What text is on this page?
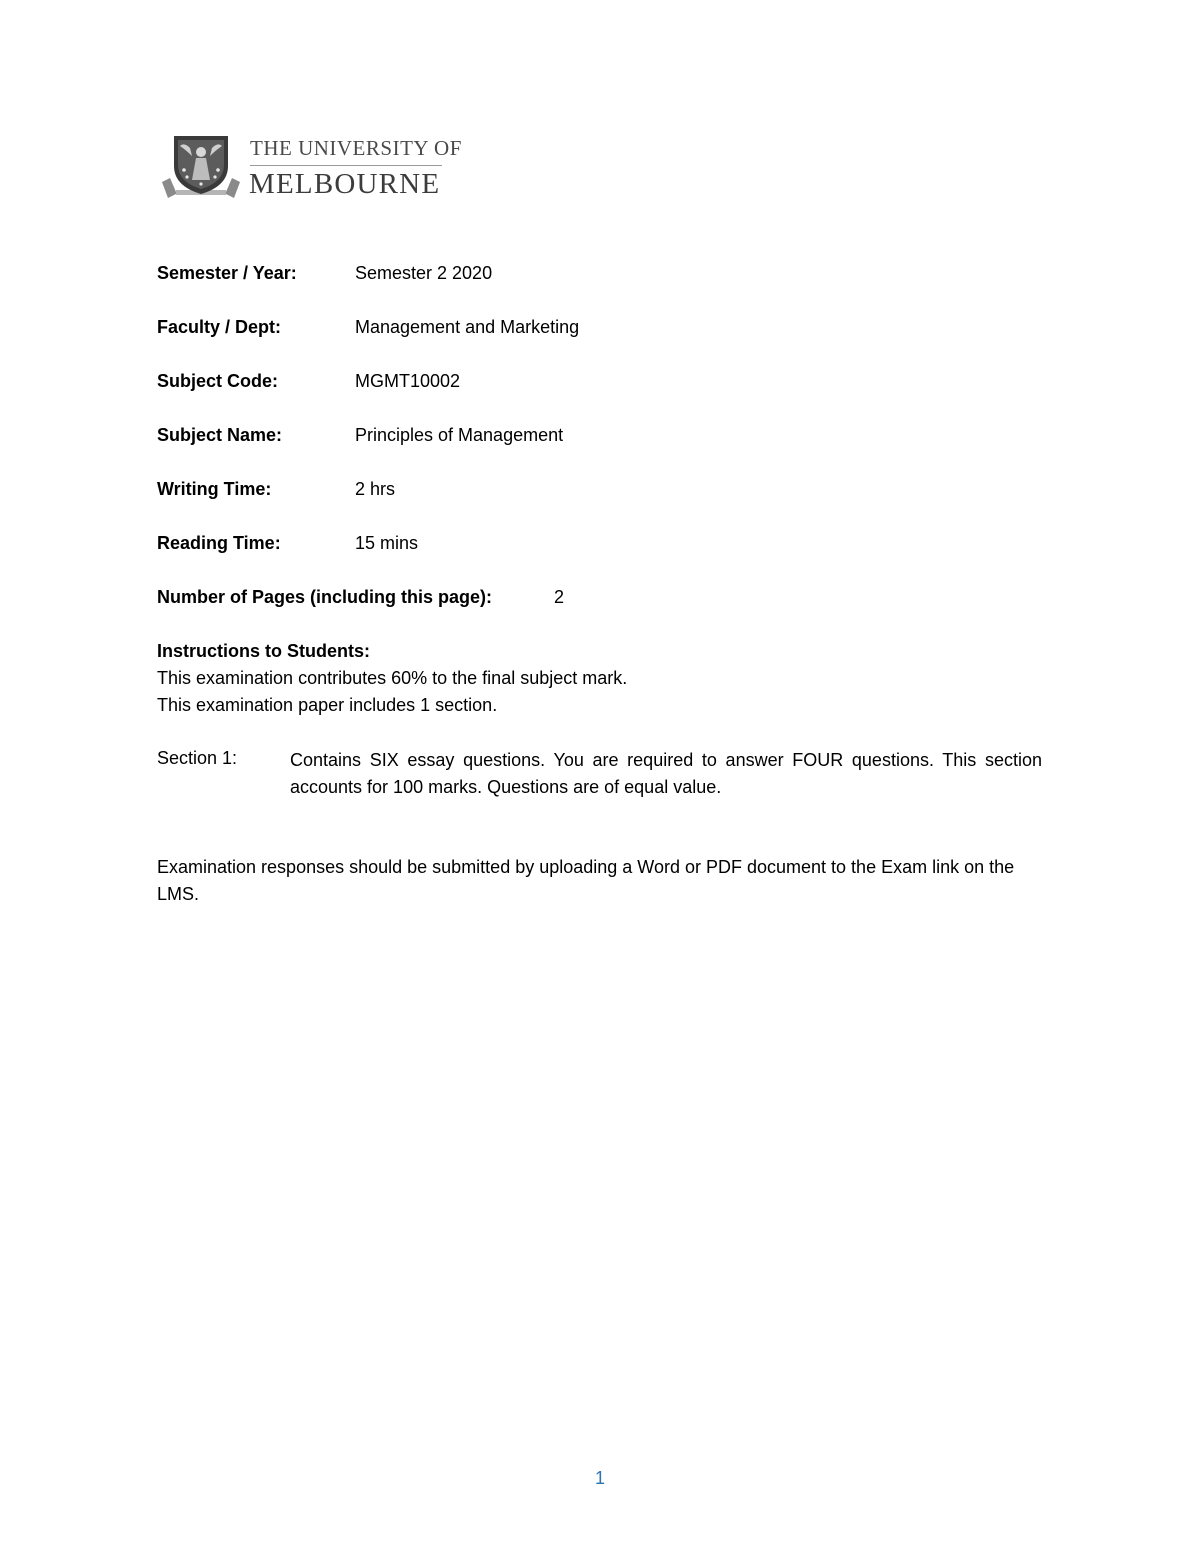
THE UNIVERSITY OF
MELBOURNE
Semester / Year:	Semester 2 2020
Faculty / Dept:	Management and Marketing
Subject Code:	MGMT10002
Subject Name:	Principles of Management
Writing Time:	2 hrs
Reading Time:	15 mins
Number of Pages (including this page):	2
Instructions to Students:
This examination contributes 60% to the final subject mark.
This examination paper includes 1 section.
Section 1:	Contains SIX essay questions. You are required to answer FOUR questions. This section accounts for 100 marks. Questions are of equal value.
Examination responses should be submitted by uploading a Word or PDF document to the Exam link on the LMS.
1
